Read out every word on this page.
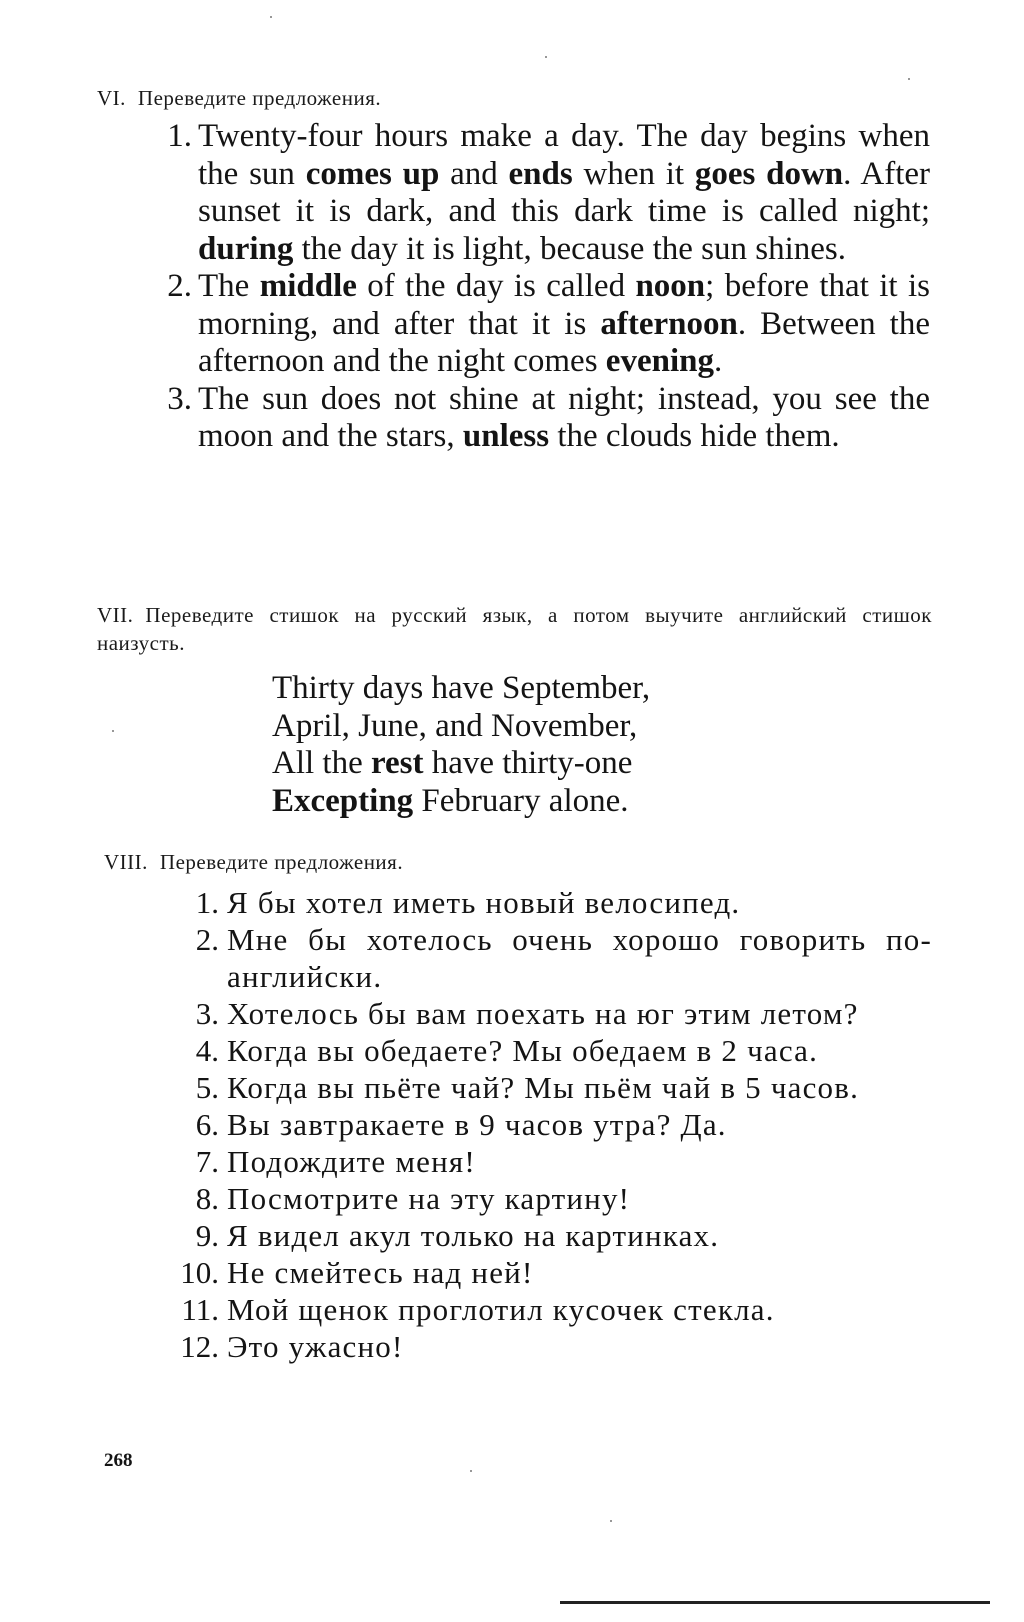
VI. Переведите предложения.
1. Twenty-four hours make a day. The day begins when the sun comes up and ends when it goes down. After sunset it is dark, and this dark time is called night; during the day it is light, because the sun shines.
2. The middle of the day is called noon; before that it is morning, and after that it is afternoon. Between the afternoon and the night comes evening.
3. The sun does not shine at night; instead, you see the moon and the stars, unless the clouds hide them.
VII. Переведите стишок на русский язык, а потом выучите английский стишок наизусть.
Thirty days have September,
April, June, and November,
All the rest have thirty-one
Excepting February alone.
VIII. Переведите предложения.
1. Я бы хотел иметь новый велосипед.
2. Мне бы хотелось очень хорошо говорить по-английски.
3. Хотелось бы вам поехать на юг этим летом?
4. Когда вы обедаете? Мы обедаем в 2 часа.
5. Когда вы пьёте чай? Мы пьём чай в 5 часов.
6. Вы завтракаете в 9 часов утра? Да.
7. Подождите меня!
8. Посмотрите на эту картину!
9. Я видел акул только на картинках.
10. Не смейтесь над ней!
11. Мой щенок проглотил кусочек стекла.
12. Это ужасно!
268
